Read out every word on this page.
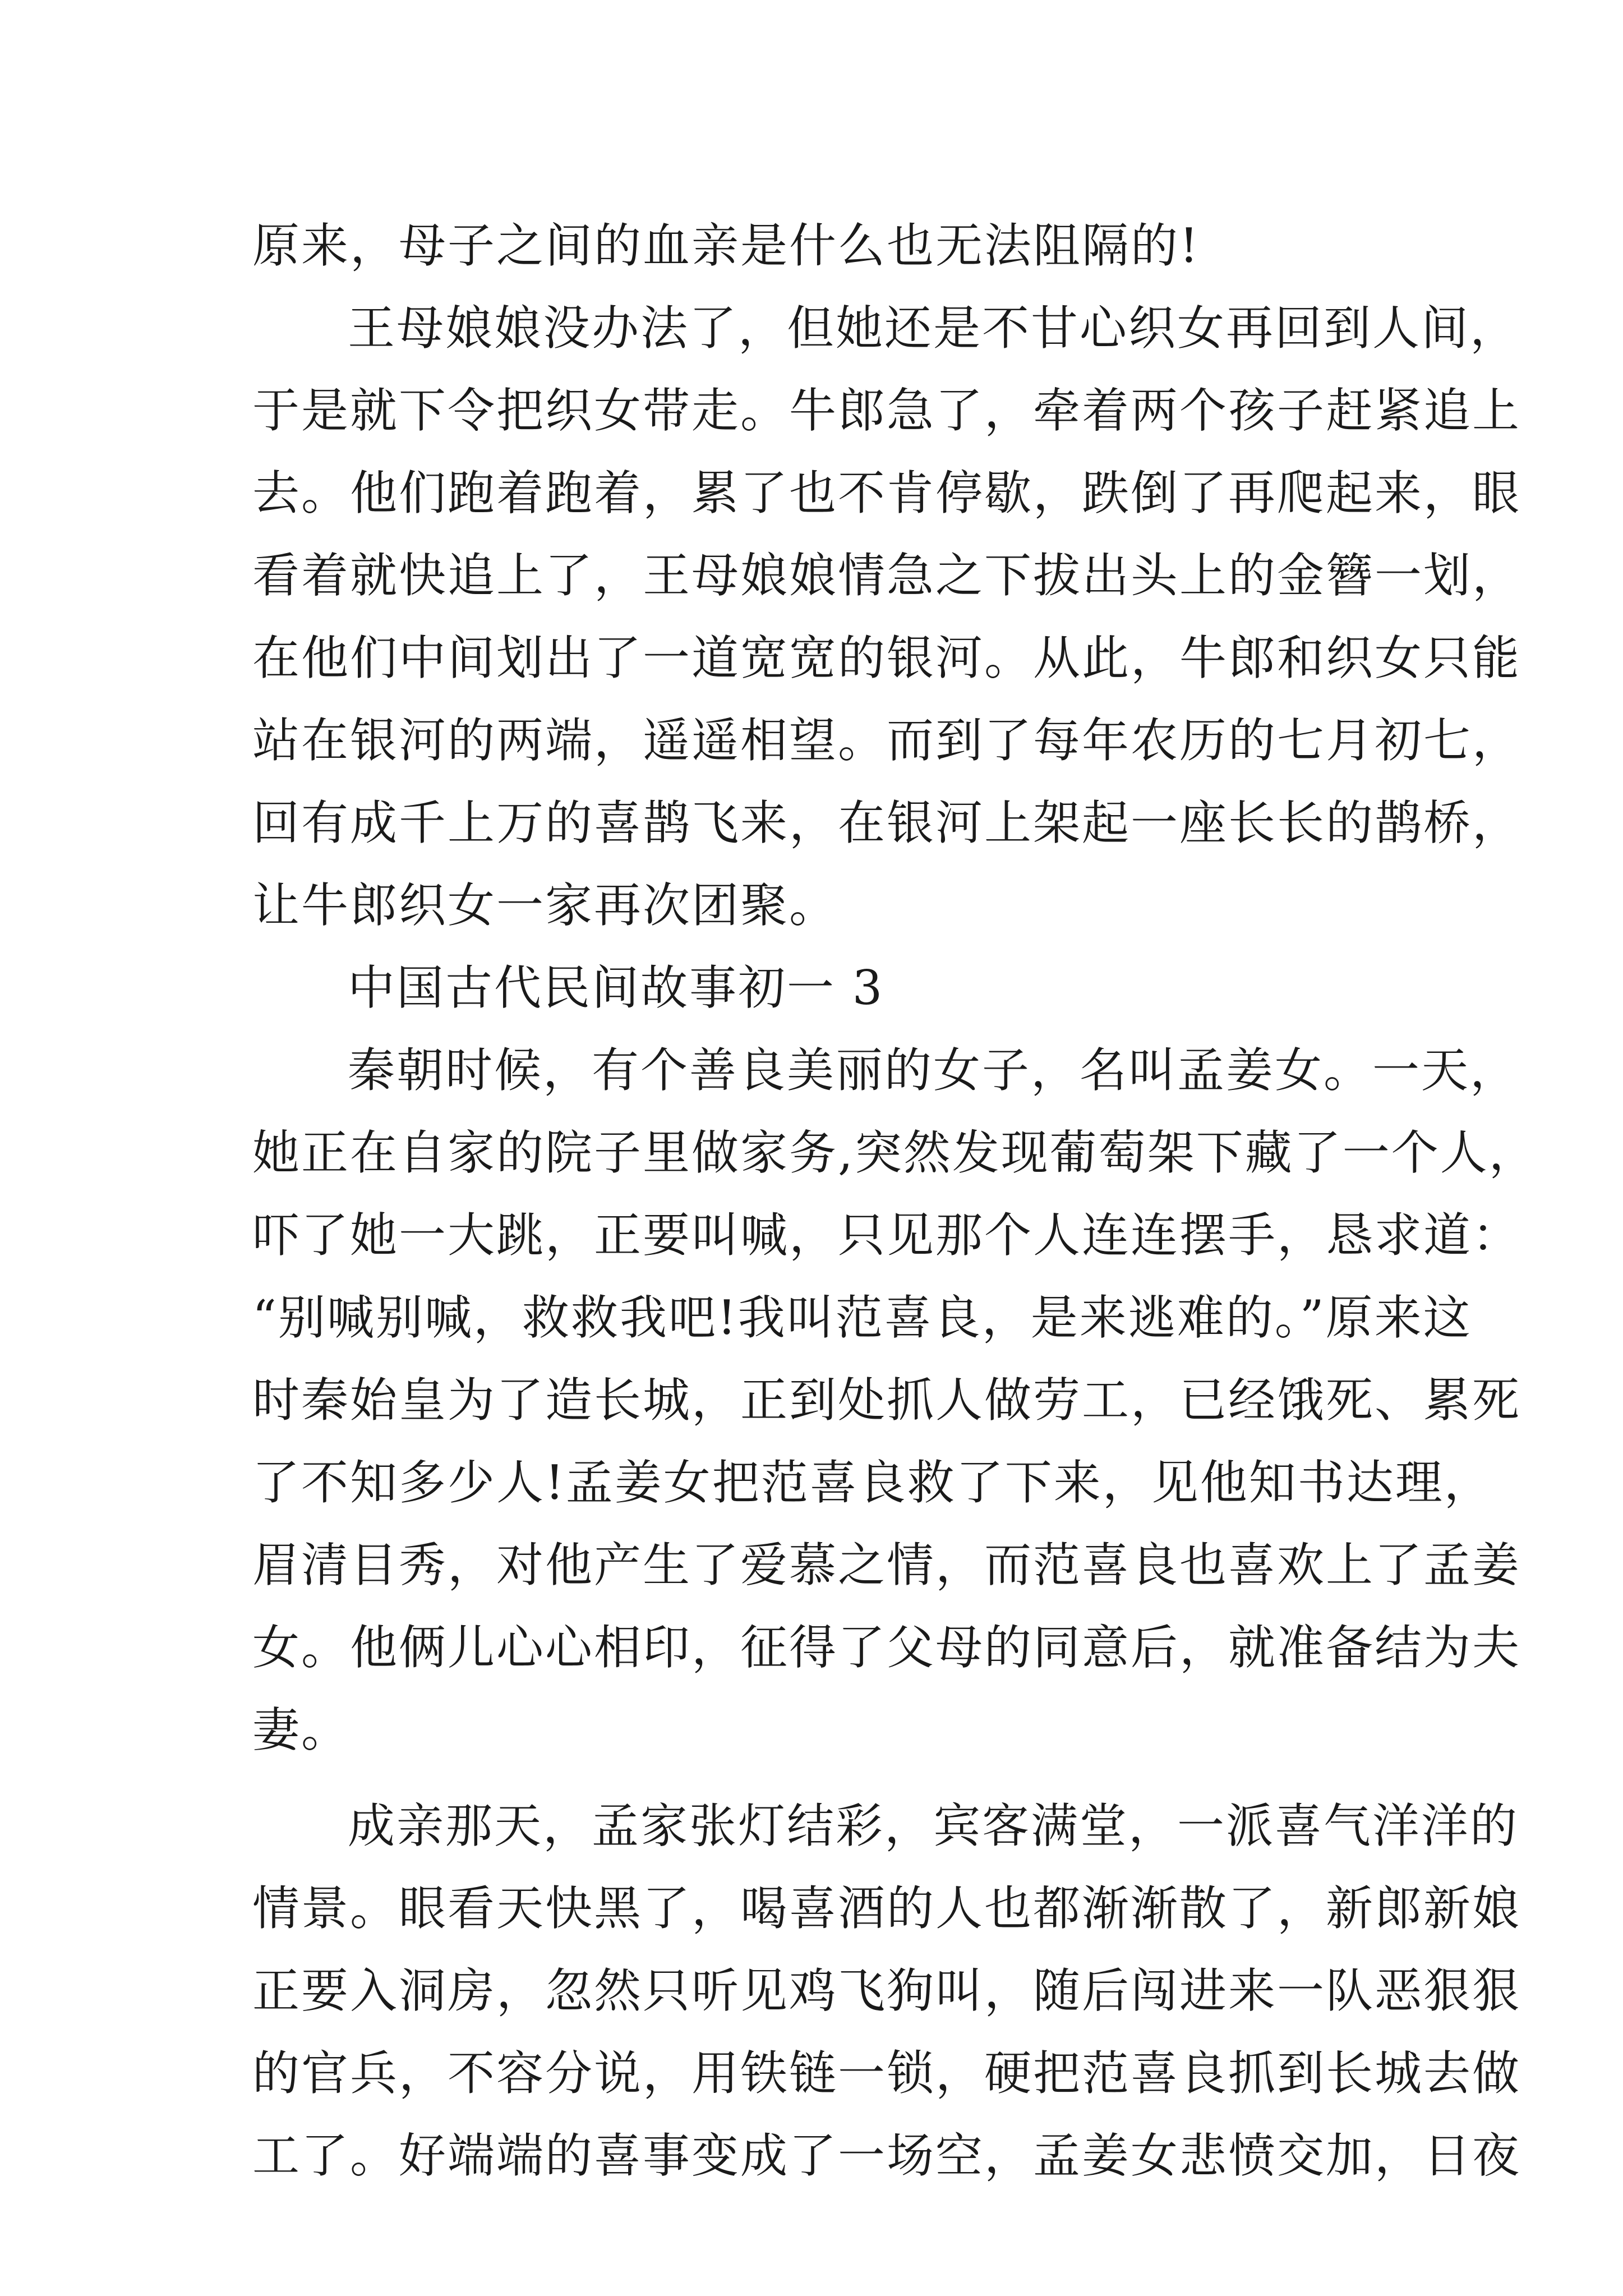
原来，母子之间的血亲是什么也无法阻隔的!
王母娘娘没办法了，但她还是不甘心织女再回到人间，
于是就下令把织女带走。牛郎急了，牵着两个孩子赶紧追上
去。他们跑着跑着，累了也不肯停歇，跌倒了再爬起来，眼
看着就快追上了，王母娘娘情急之下拔出头上的金簪一划，
在他们中间划出了一道宽宽的银河。从此，牛郎和织女只能
站在银河的两端，遥遥相望。而到了每年农历的七月初七，
回有成千上万的喜鹊飞来，在银河上架起一座长长的鹊桥，
让牛郎织女一家再次团聚。
中国古代民间故事初一 3
秦朝时候，有个善良美丽的女子，名叫孟姜女。一天，
她正在自家的院子里做家务,突然发现葡萄架下藏了一个人，
吓了她一大跳，正要叫喊，只见那个人连连摆手，恳求道：
“别喊别喊，救救我吧!我叫范喜良，是来逃难的。”原来这
时秦始皇为了造长城，正到处抓人做劳工，已经饿死、累死
了不知多少人!孟姜女把范喜良救了下来，见他知书达理，
眉清目秀，对他产生了爱慕之情，而范喜良也喜欢上了孟姜
女。他俩儿心心相印，征得了父母的同意后，就准备结为夫
妻。
成亲那天，孟家张灯结彩，宾客满堂，一派喜气洋洋的
情景。眼看天快黑了，喝喜酒的人也都渐渐散了，新郎新娘
正要入洞房，忽然只听见鸡飞狗叫，随后闯进来一队恶狠狠
的官兵，不容分说，用铁链一锁，硬把范喜良抓到长城去做
工了。好端端的喜事变成了一场空，孟姜女悲愤交加，日夜
